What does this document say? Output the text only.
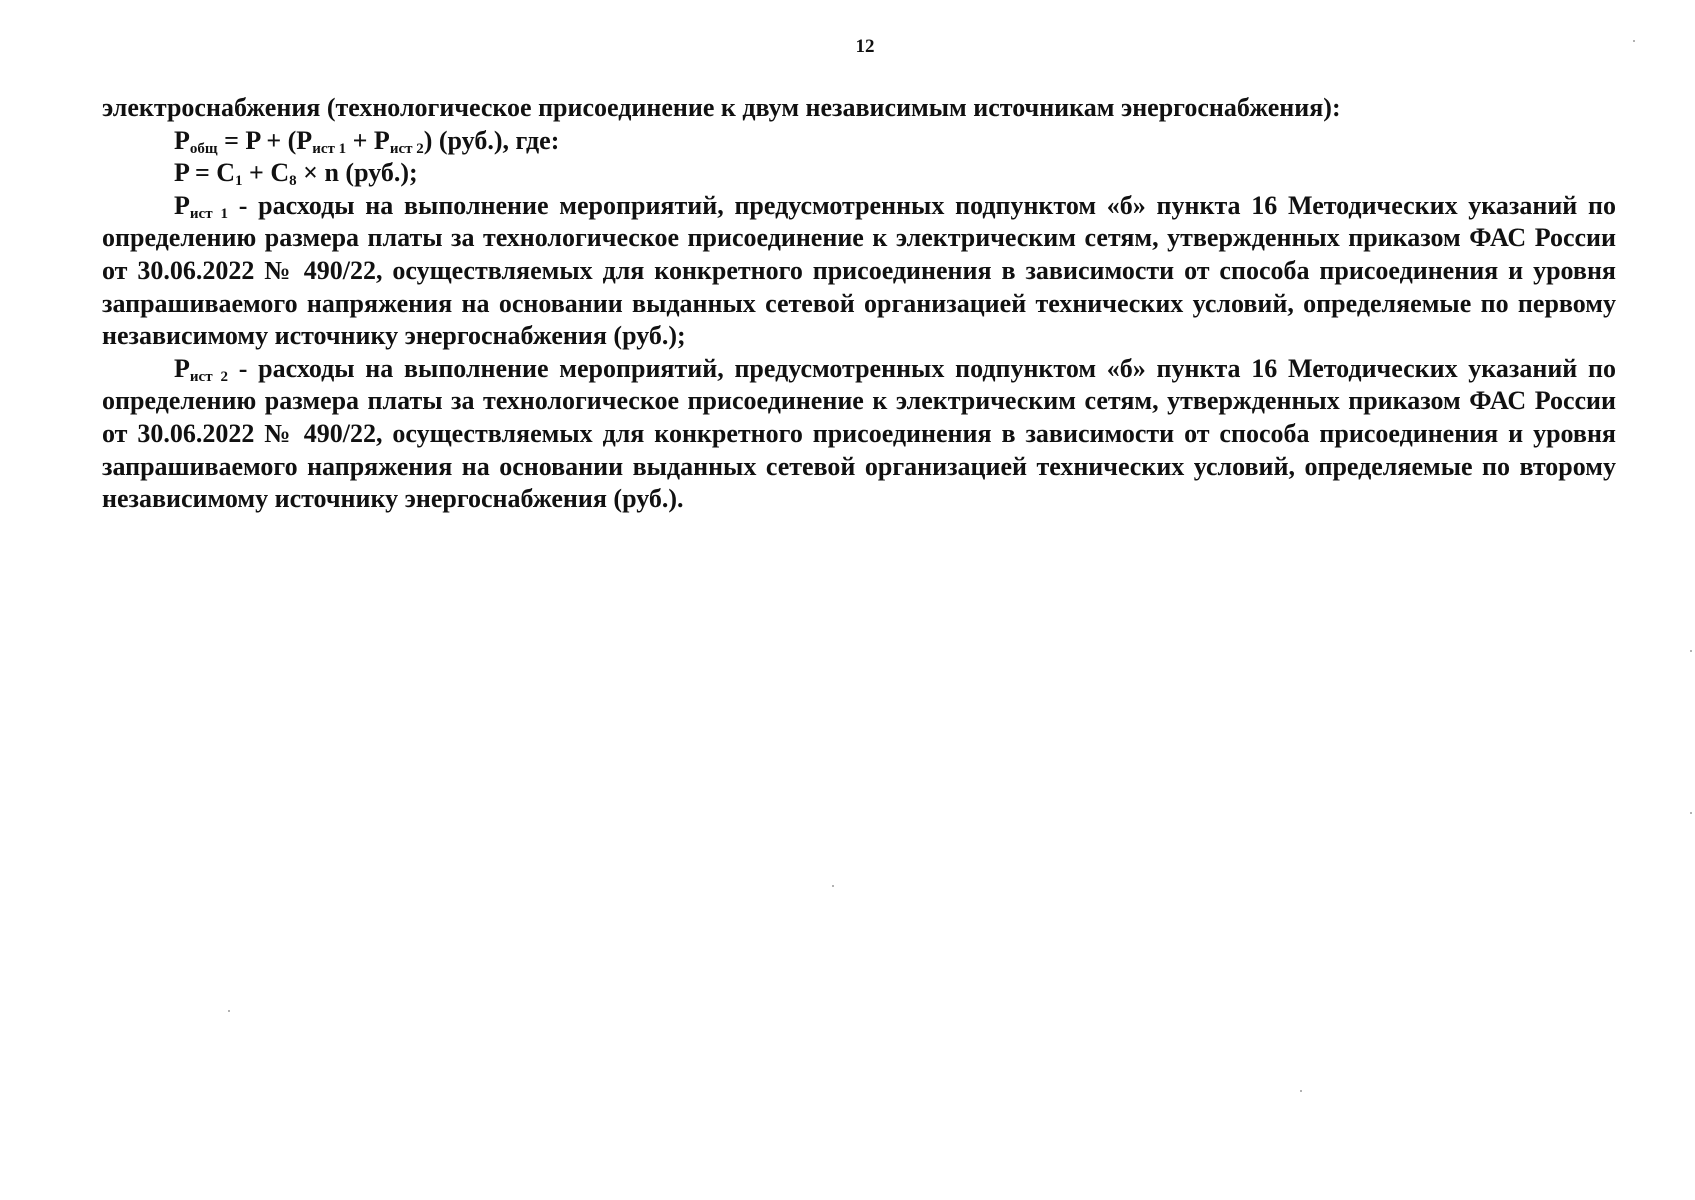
12
электроснабжения (технологическое присоединение к двум независимым источникам энергоснабжения):
$P_{общ} = P + (P_{ист 1} + P_{ист 2})$ (руб.), где:
$P = C_1 + C_8 \times n$ (руб.);
$P_{ист 1}$ - расходы на выполнение мероприятий, предусмотренных подпунктом «б» пункта 16 Методических указаний по определению размера платы за технологическое присоединение к электрическим сетям, утвержденных приказом ФАС России от 30.06.2022 № 490/22, осуществляемых для конкретного присоединения в зависимости от способа присоединения и уровня запрашиваемого напряжения на основании выданных сетевой организацией технических условий, определяемые по первому независимому источнику энергоснабжения (руб.);
$P_{ист 2}$ - расходы на выполнение мероприятий, предусмотренных подпунктом «б» пункта 16 Методических указаний по определению размера платы за технологическое присоединение к электрическим сетям, утвержденных приказом ФАС России от 30.06.2022 № 490/22, осуществляемых для конкретного присоединения в зависимости от способа присоединения и уровня запрашиваемого напряжения на основании выданных сетевой организацией технических условий, определяемые по второму независимому источнику энергоснабжения (руб.).
